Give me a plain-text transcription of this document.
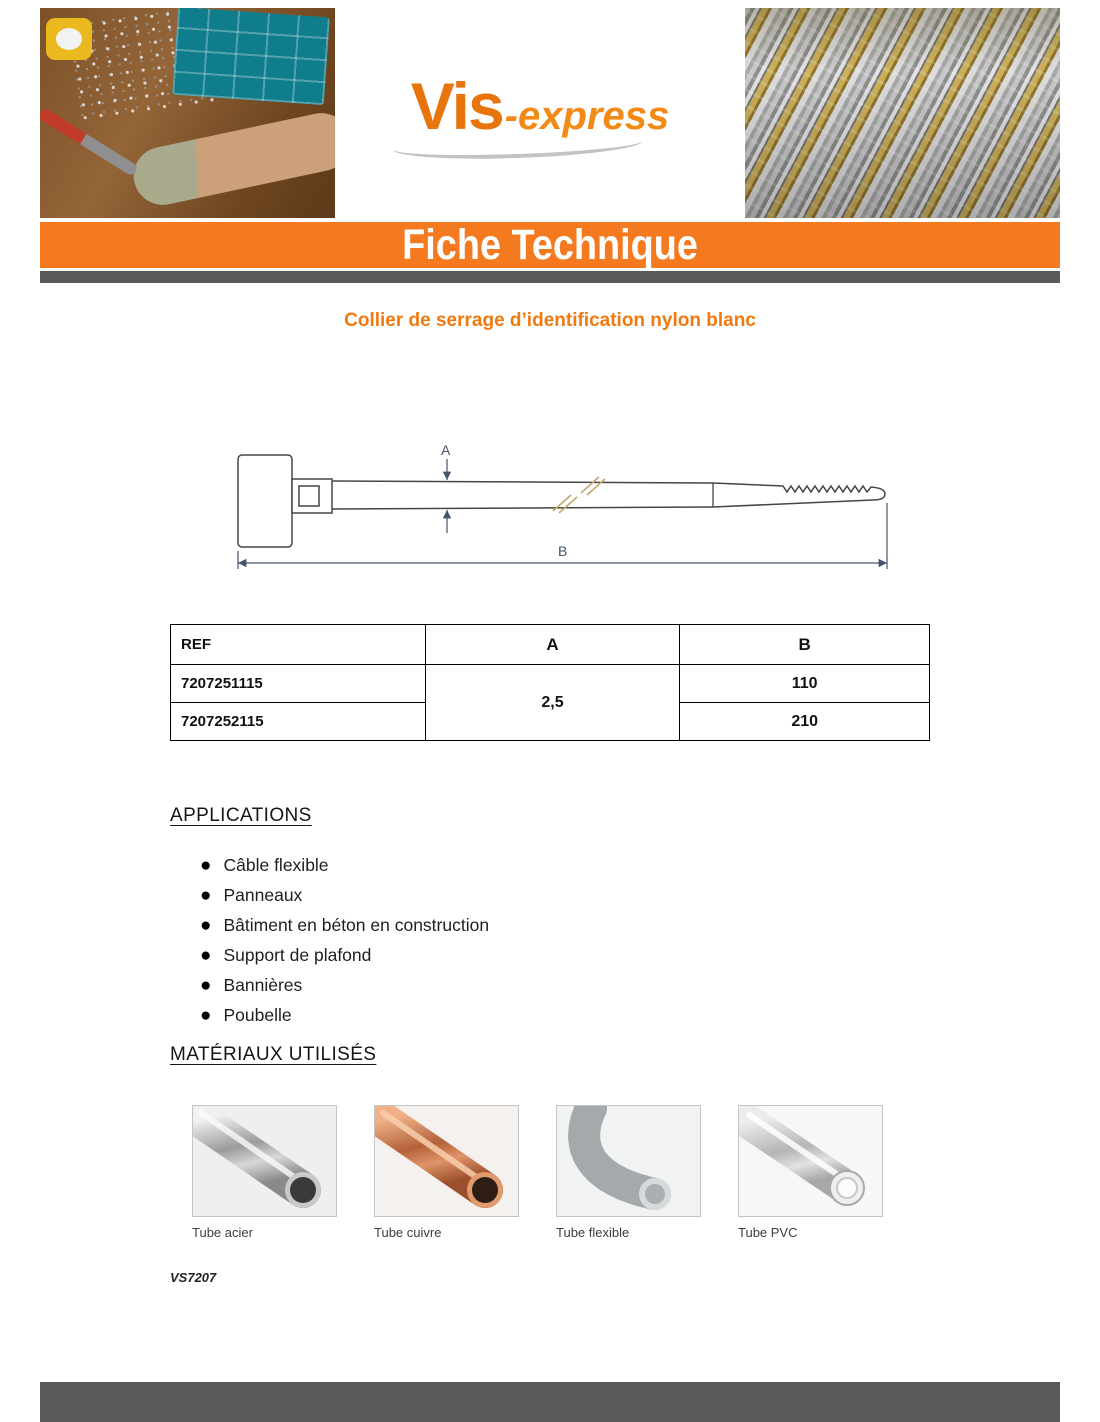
Vis -express
Fiche Technique
Collier de serrage d’identification nylon blanc
A
B
REF	A	B
7207251115	2,5	110
7207252115		210
APPLICATIONS
● Câble flexible
● Panneaux
● Bâtiment en béton en construction
● Support de plafond
● Bannières
● Poubelle
MATÉRIAUX UTILISÉS
Tube acier	Tube cuivre	Tube flexible	Tube PVC
VS7207
